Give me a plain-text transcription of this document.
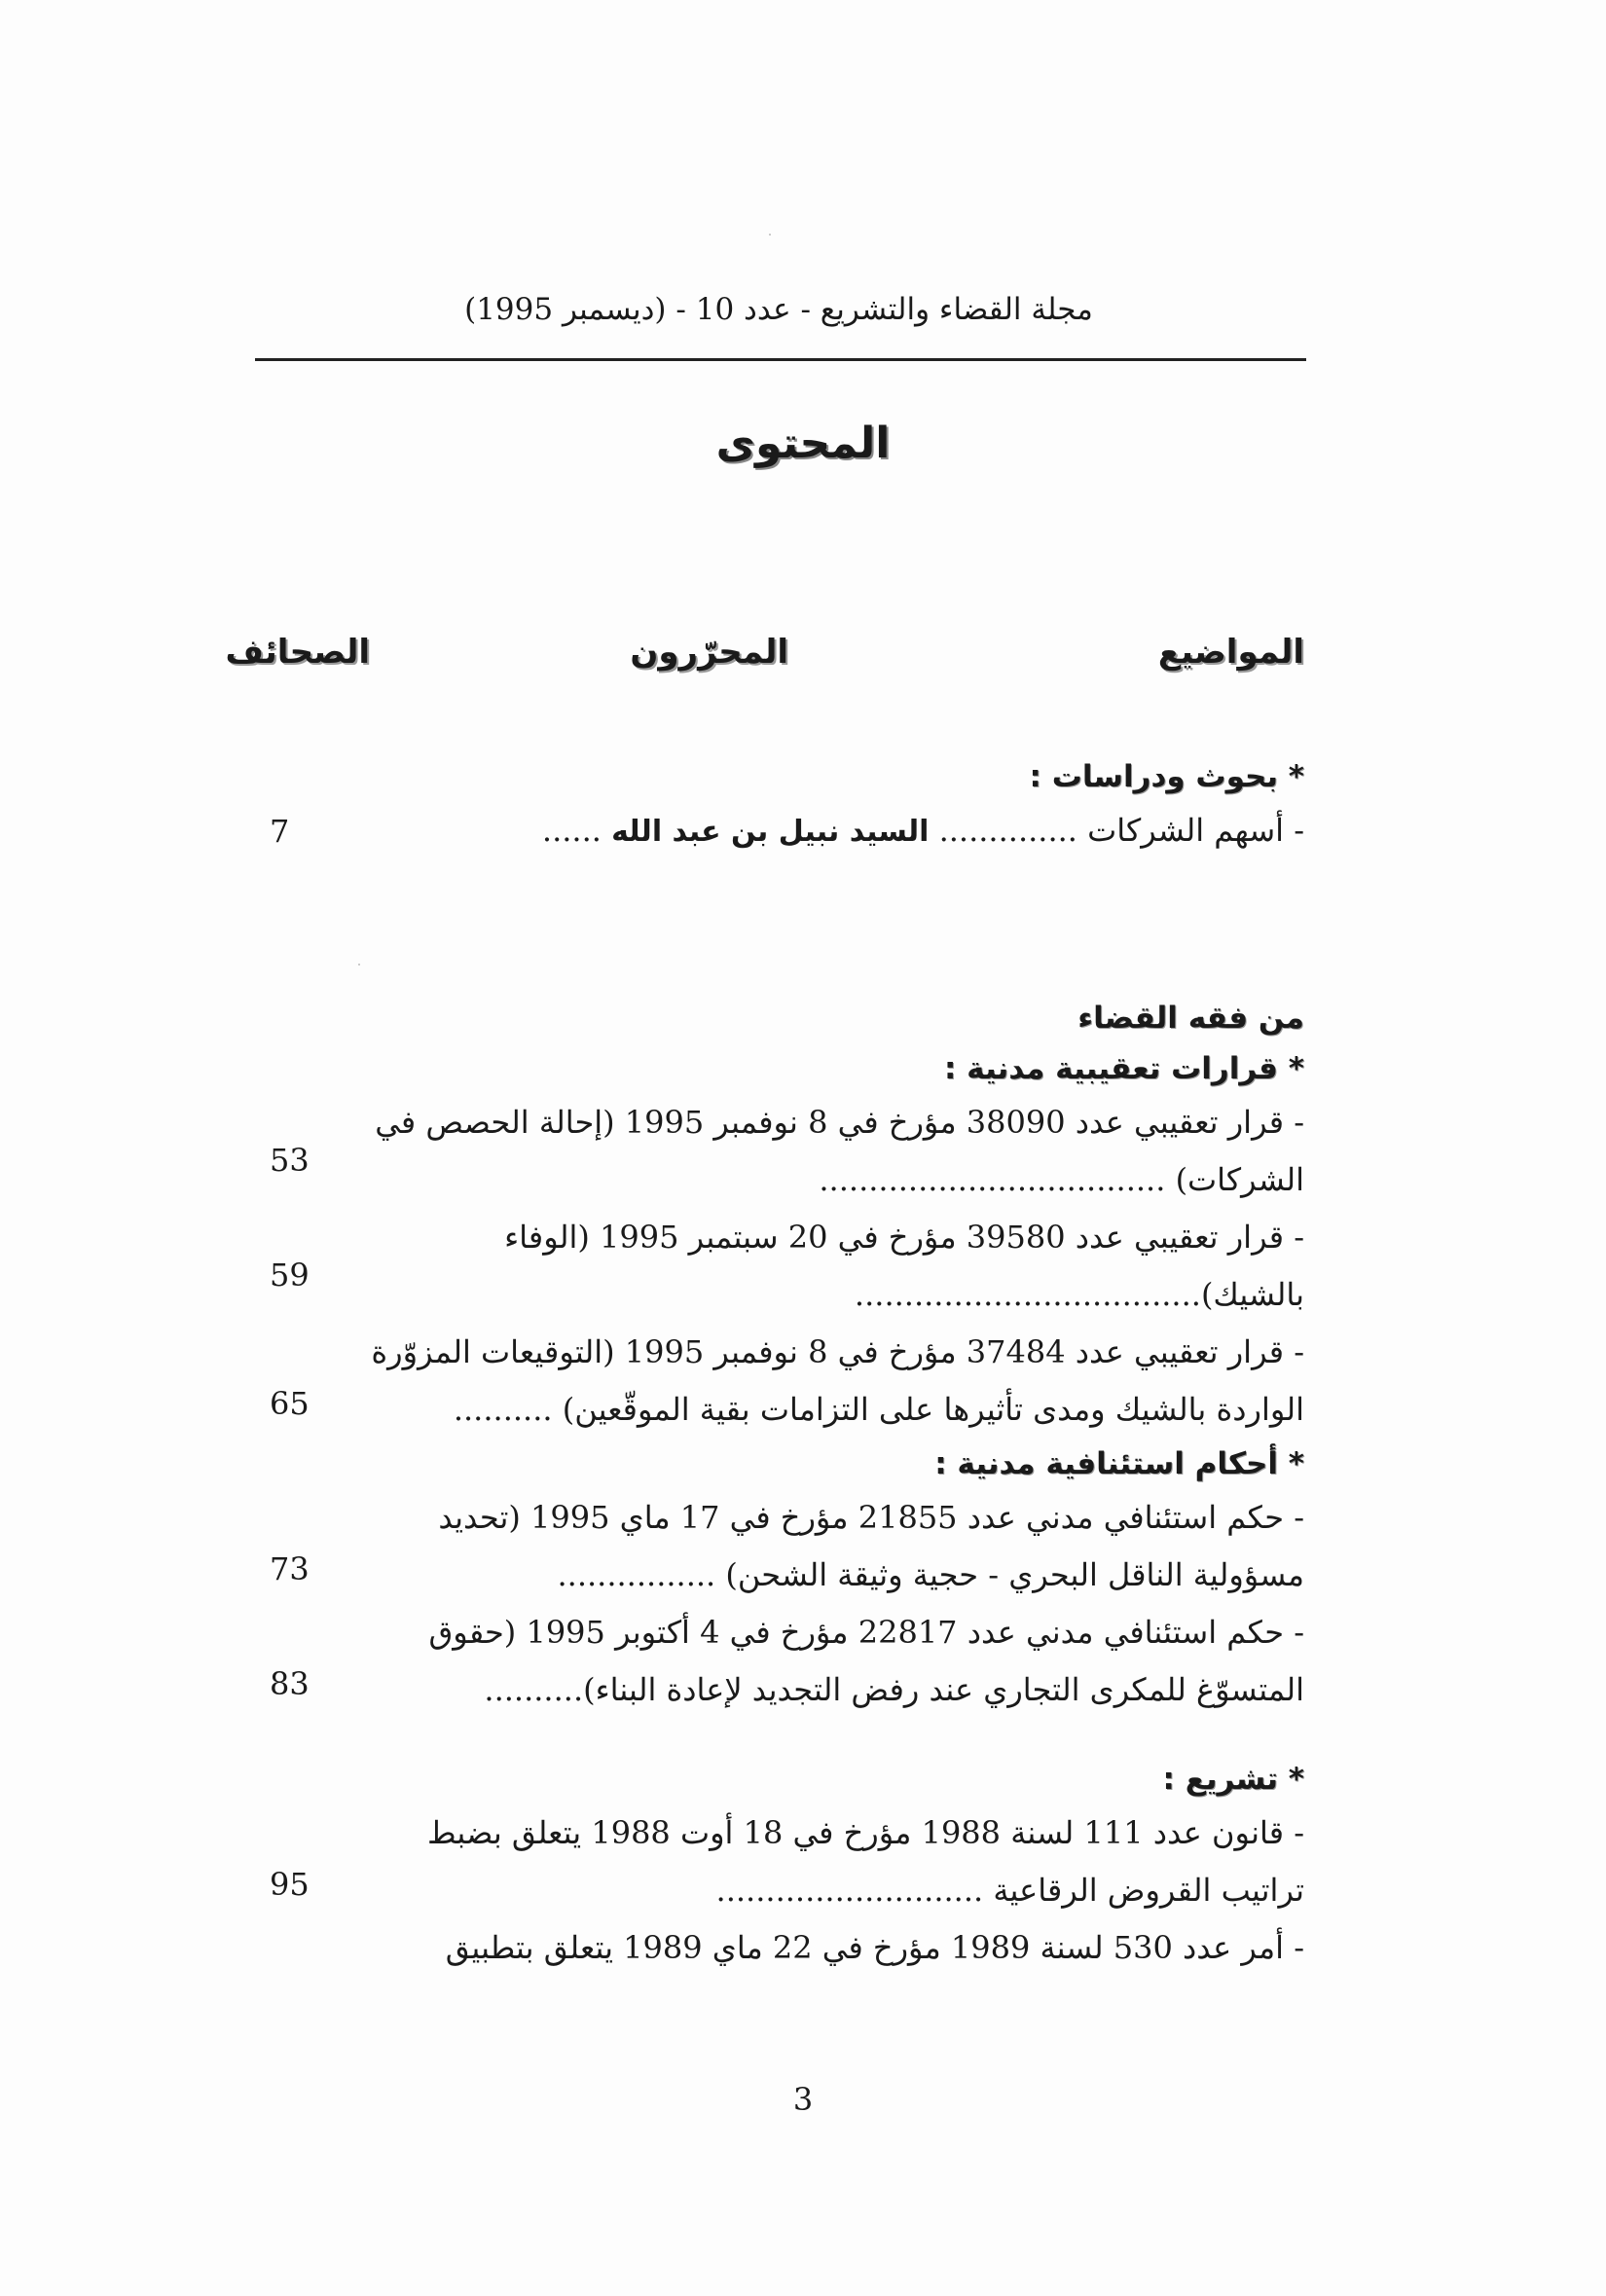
مجلة القضاء والتشريع - عدد 10 - (ديسمبر 1995)
المحتوى
المواضيع
المحرّرون
الصحائف
* بحوث ودراسات :
- أسهم الشركات .............. السيد نبيل بن عبد الله ......
7
من فقه القضاء
* قرارات تعقيبية مدنية :
- قرار تعقيبي عدد 38090 مؤرخ في 8 نوفمبر 1995 (إحالة الحصص في
الشركات) ...................................
53
- قرار تعقيبي عدد 39580 مؤرخ في 20 سبتمبر 1995 (الوفاء
بالشيك)...................................
59
- قرار تعقيبي عدد 37484 مؤرخ في 8 نوفمبر 1995 (التوقيعات المزوّرة
الواردة بالشيك ومدى تأثيرها على التزامات بقية الموقّعين) ..........
65
* أحكام استئنافية مدنية :
- حكم استئنافي مدني عدد 21855 مؤرخ في 17 ماي 1995 (تحديد
مسؤولية الناقل البحري - حجية وثيقة الشحن) ................
73
- حكم استئنافي مدني عدد 22817 مؤرخ في 4 أكتوبر 1995 (حقوق
المتسوّغ للمكرى التجاري عند رفض التجديد لإعادة البناء)..........
83
* تشريع :
- قانون عدد 111 لسنة 1988 مؤرخ في 18 أوت 1988 يتعلق بضبط
تراتيب القروض الرقاعية ...........................
95
- أمر عدد 530 لسنة 1989 مؤرخ في 22 ماي 1989 يتعلق بتطبيق
3
